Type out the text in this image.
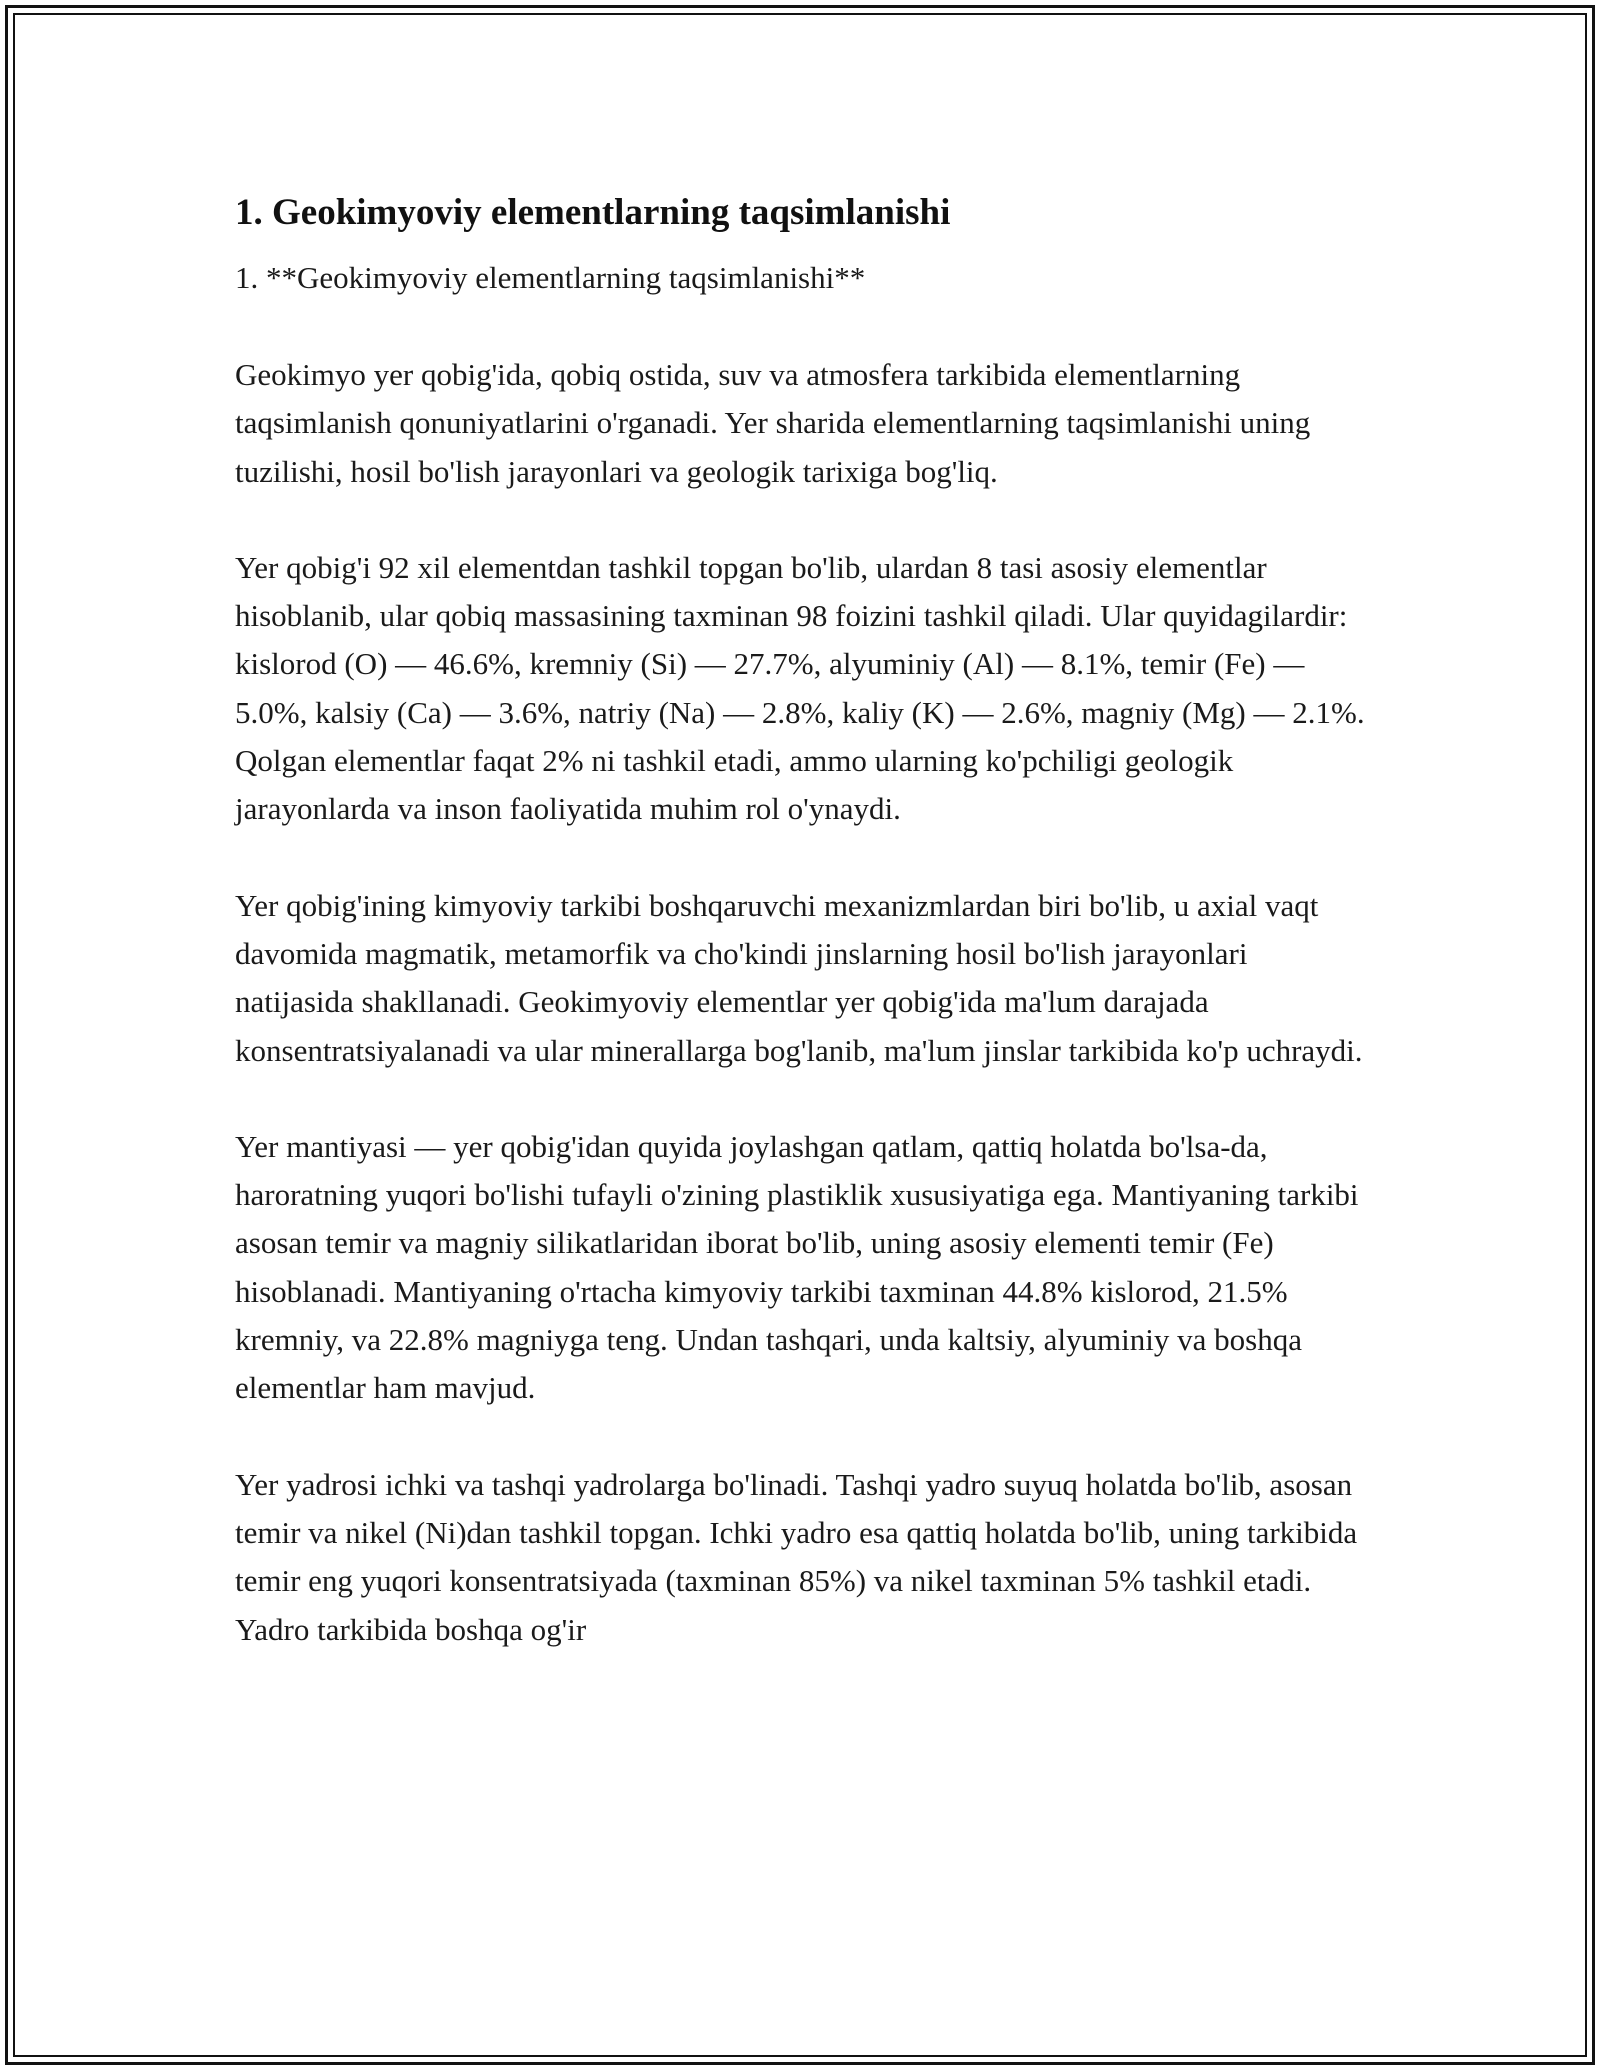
1. Geokimyoviy elementlarning taqsimlanishi

1. **Geokimyoviy elementlarning taqsimlanishi**

Geokimyo yer qobig'ida, qobiq ostida, suv va atmosfera tarkibida elementlarning taqsimlanish qonuniyatlarini o'rganadi. Yer sharida elementlarning taqsimlanishi uning tuzilishi, hosil bo'lish jarayonlari va geologik tarixiga bog'liq.

Yer qobig'i 92 xil elementdan tashkil topgan bo'lib, ulardan 8 tasi asosiy elementlar hisoblanib, ular qobiq massasining taxminan 98 foizini tashkil qiladi. Ular quyidagilardir: kislorod (O) — 46.6%, kremniy (Si) — 27.7%, alyuminiy (Al) — 8.1%, temir (Fe) — 5.0%, kalsiy (Ca) — 3.6%, natriy (Na) — 2.8%, kaliy (K) — 2.6%, magniy (Mg) — 2.1%. Qolgan elementlar faqat 2% ni tashkil etadi, ammo ularning ko'pchiligi geologik jarayonlarda va inson faoliyatida muhim rol o'ynaydi.

Yer qobig'ining kimyoviy tarkibi boshqaruvchi mexanizmlardan biri bo'lib, u axial vaqt davomida magmatik, metamorfik va cho'kindi jinslarning hosil bo'lish jarayonlari natijasida shakllanadi. Geokimyoviy elementlar yer qobig'ida ma'lum darajada konsentratsiyalanadi va ular minerallarga bog'lanib, ma'lum jinslar tarkibida ko'p uchraydi.

Yer mantiyasi — yer qobig'idan quyida joylashgan qatlam, qattiq holatda bo'lsa-da, haroratning yuqori bo'lishi tufayli o'zining plastiklik xususiyatiga ega. Mantiyaning tarkibi asosan temir va magniy silikatlaridan iborat bo'lib, uning asosiy elementi temir (Fe) hisoblanadi. Mantiyaning o'rtacha kimyoviy tarkibi taxminan 44.8% kislorod, 21.5% kremniy, va 22.8% magniyga teng. Undan tashqari, unda kaltsiy, alyuminiy va boshqa elementlar ham mavjud.

Yer yadrosi ichki va tashqi yadrolarga bo'linadi. Tashqi yadro suyuq holatda bo'lib, asosan temir va nikel (Ni)dan tashkil topgan. Ichki yadro esa qattiq holatda bo'lib, uning tarkibida temir eng yuqori konsentratsiyada (taxminan 85%) va nikel taxminan 5% tashkil etadi. Yadro tarkibida boshqa og'ir
